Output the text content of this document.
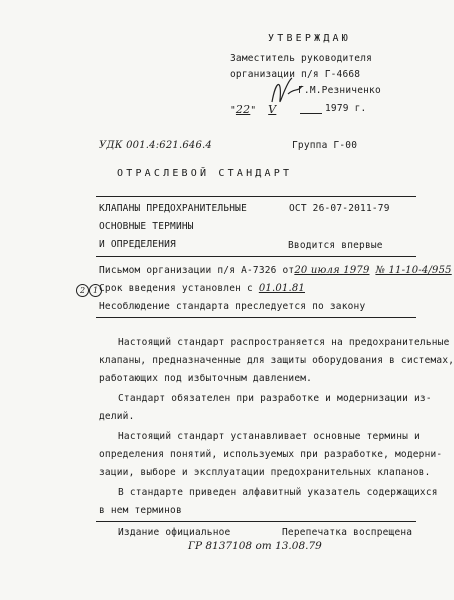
УТВЕРЖДАЮ
Заместитель руководителя
организации п/я Г-4668
Г.М.Резниченко
"22" V	1979 г.
УДК 001.4:621.646.4	Группа Г-00
ОТРАСЛЕВОЙ СТАНДАРТ
КЛАПАНЫ ПРЕДОХРАНИТЕЛЬНЫЕ
ОСНОВНЫЕ ТЕРМИНЫ
И ОПРЕДЕЛЕНИЯ
ОСТ 26-07-2011-79
Вводится впервые
Письмом организации п/я А-7326 от20 июля 1979 № 11-10-4/955
2 1 Срок введения установлен с 01.01.81
Несоблюдение стандарта преследуется по закону
Настоящий стандарт распространяется на предохранительные
клапаны, предназначенные для защиты оборудования в системах,
работающих под избыточным давлением.
Стандарт обязателен при разработке и модернизации из-
делий.
Настоящий стандарт устанавливает основные термины и
определения понятий, используемых при разработке, модерни-
зации, выборе и эксплуатации предохранительных клапанов.
В стандарте приведен алфавитный указатель содержащихся
в нем терминов
Издание официальное	Перепечатка воспрещена
ГР 8137108 от 13.08.79
